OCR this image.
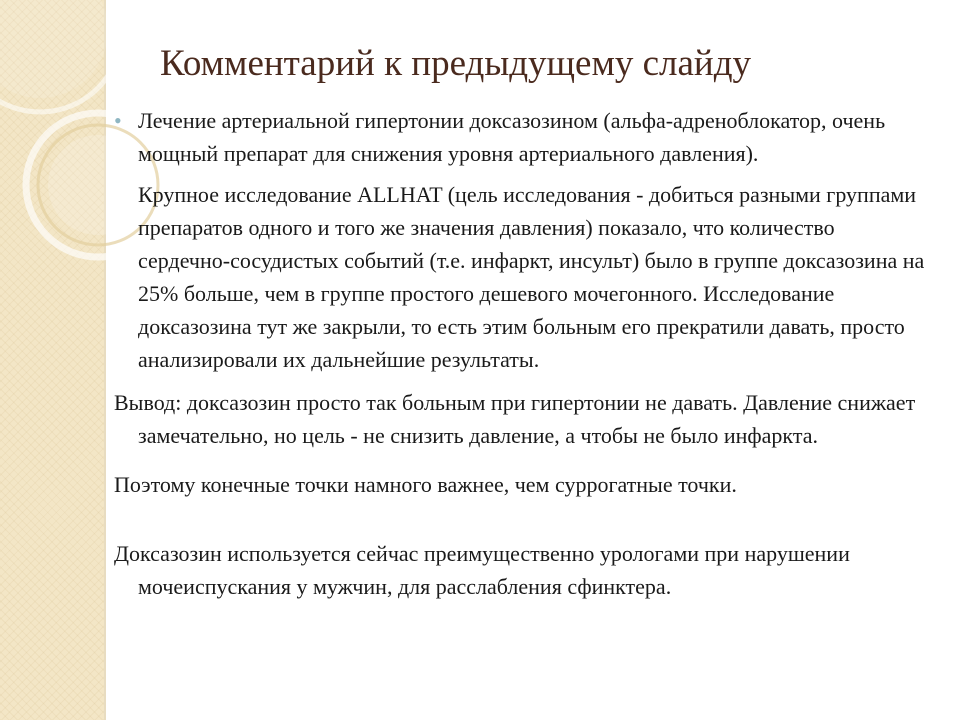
Комментарий к предыдущему слайду
• Лечение артериальной гипертонии доксазозином (альфа-адреноблокатор, очень мощный препарат для снижения уровня артериального давления).
Крупное исследование ALLHAT (цель исследования - добиться разными группами препаратов одного и того же значения давления) показало, что количество сердечно-сосудистых событий (т.е. инфаркт, инсульт) было в группе доксазозина на 25% больше, чем в группе простого дешевого мочегонного. Исследование доксазозина тут же закрыли, то есть этим больным его прекратили давать, просто анализировали их дальнейшие результаты.
Вывод: доксазозин просто так больным при гипертонии не давать. Давление снижает замечательно, но цель - не снизить давление, а чтобы не было инфаркта.
Поэтому конечные точки намного важнее, чем суррогатные точки.
Доксазозин используется сейчас преимущественно урологами при нарушении мочеиспускания у мужчин, для расслабления сфинктера.
